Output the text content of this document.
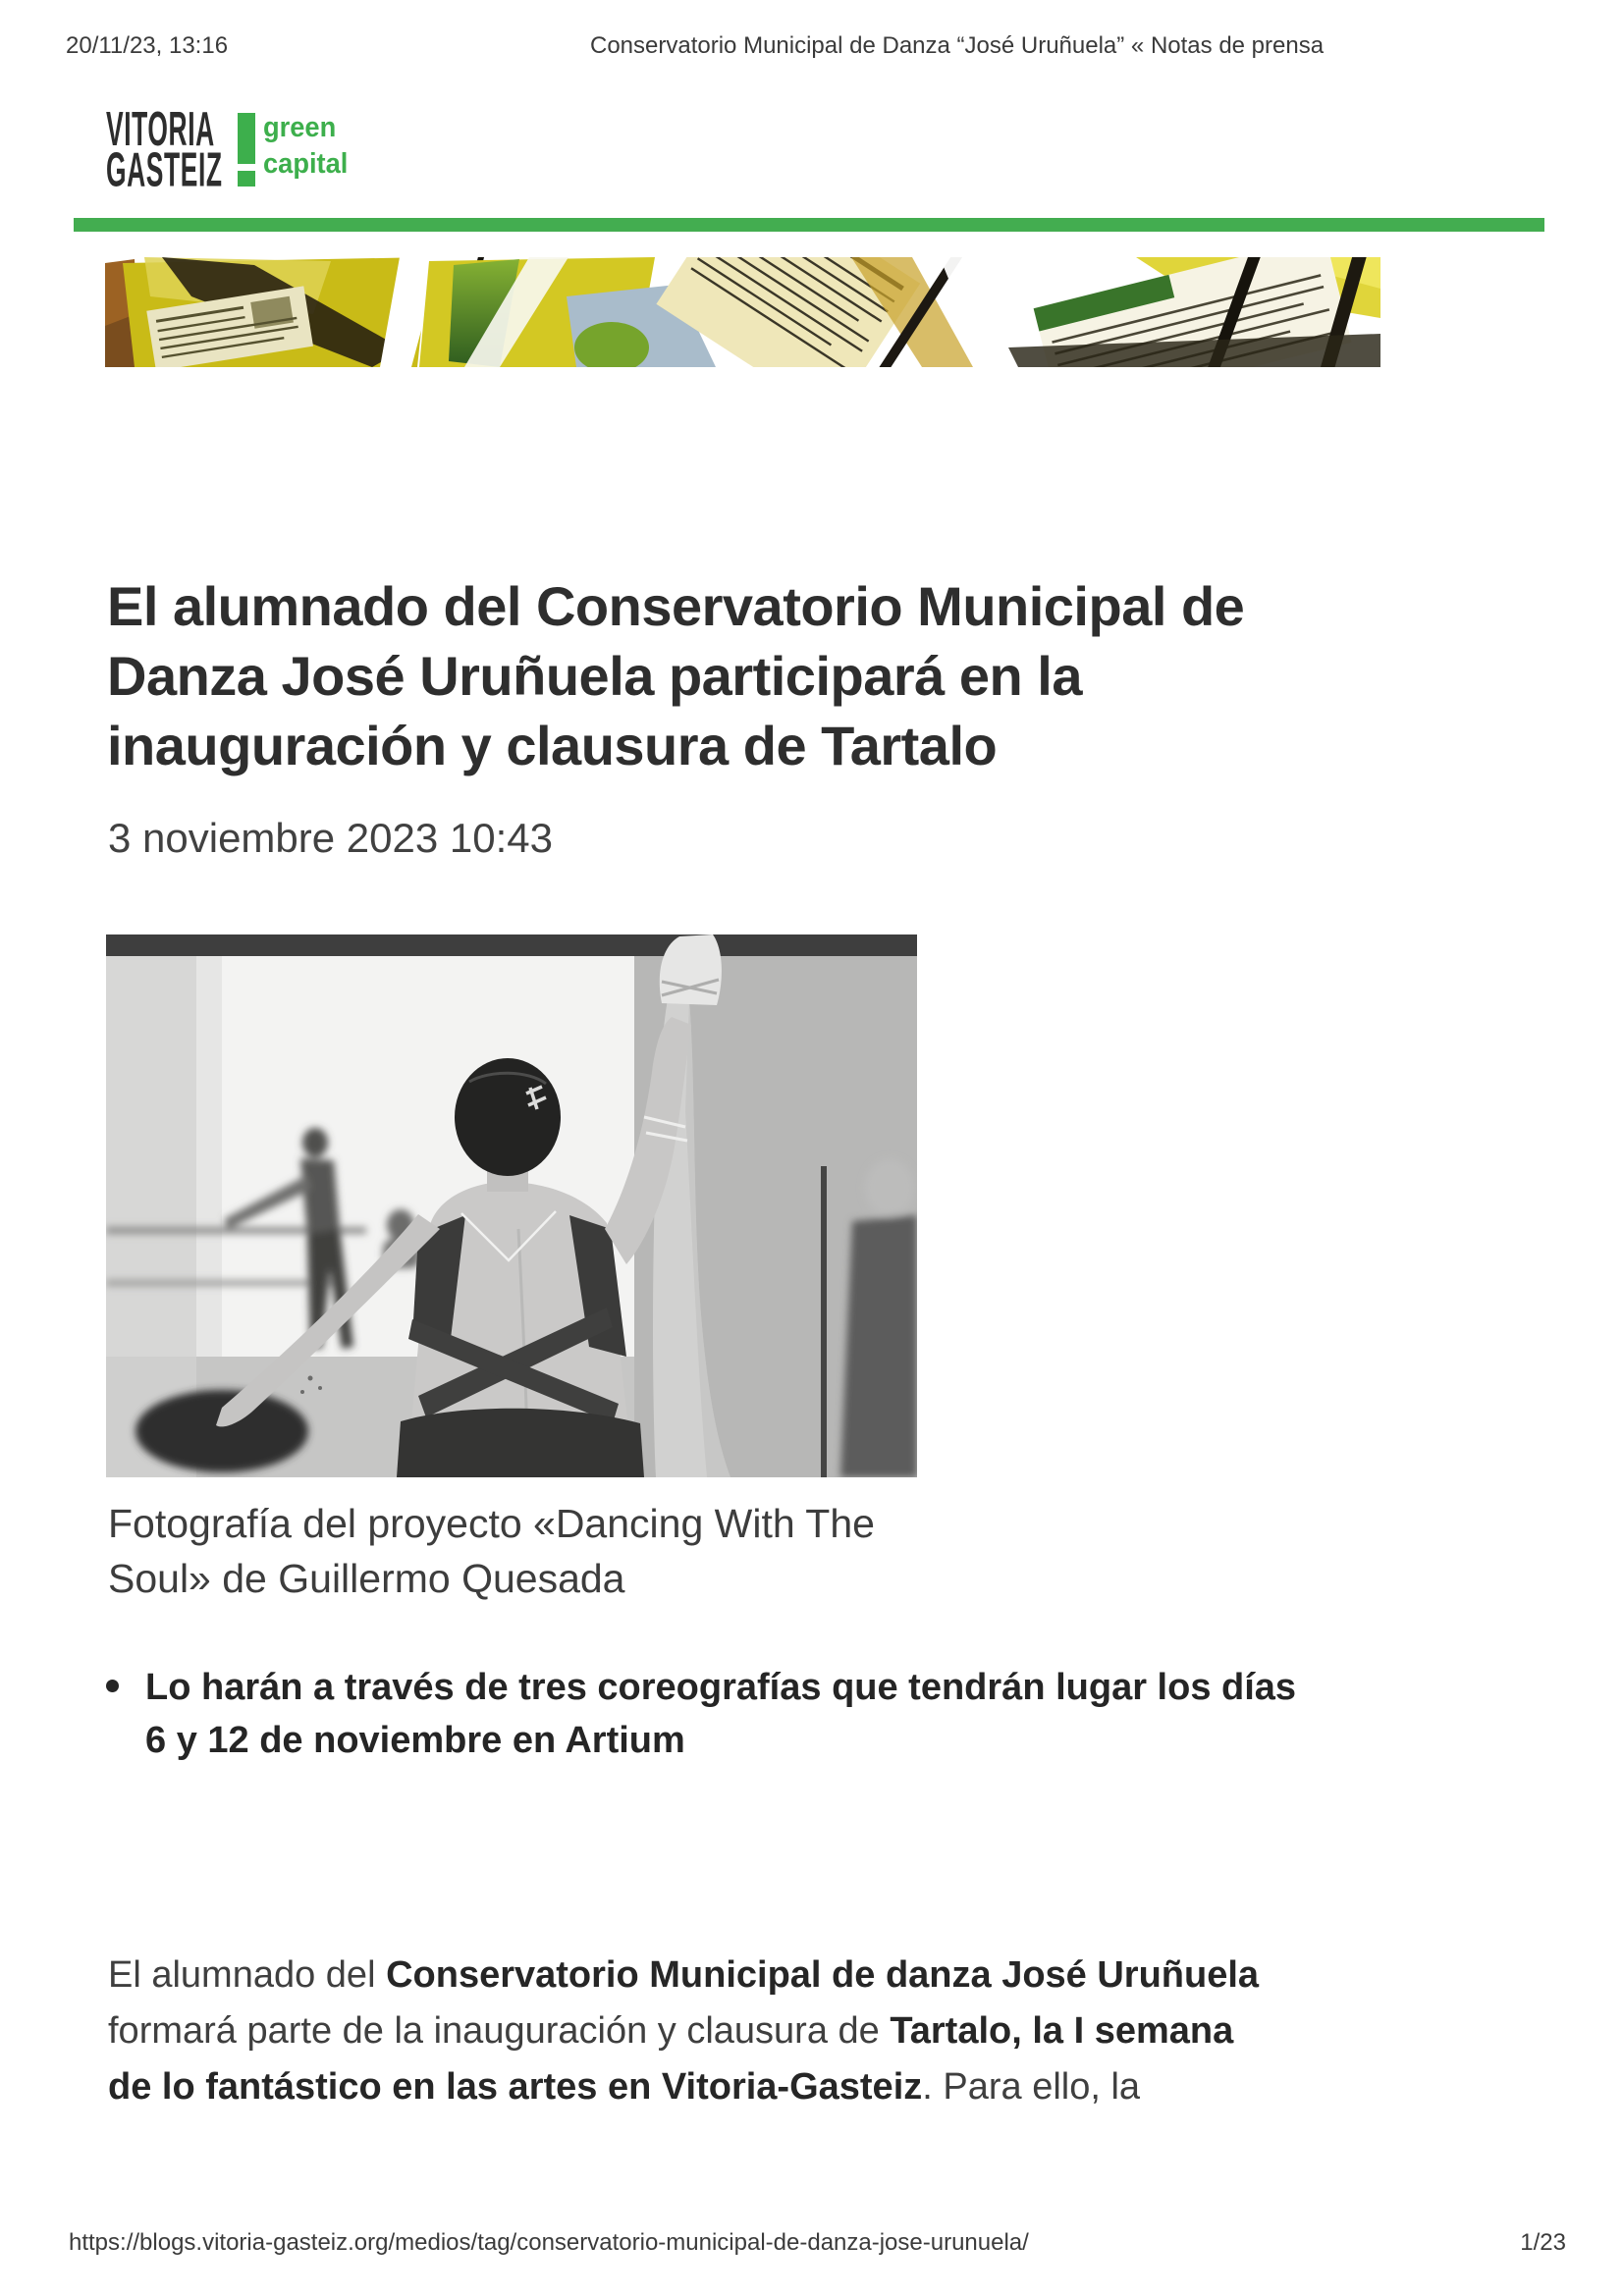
20/11/23, 13:16	Conservatorio Municipal de Danza “José Uruñuela” « Notas de prensa
VITORIA
GASTEIZ
green
capital
El alumnado del Conservatorio Municipal de
Danza José Uruñuela participará en la
inauguración y clausura de Tartalo
3 noviembre 2023 10:43
Fotografía del proyecto «Dancing With The
Soul» de Guillermo Quesada
Lo harán a través de tres coreografías que tendrán lugar los días
6 y 12 de noviembre en Artium
El alumnado del Conservatorio Municipal de danza José Uruñuela
formará parte de la inauguración y clausura de Tartalo, la I semana
de lo fantástico en las artes en Vitoria-Gasteiz. Para ello, la
https://blogs.vitoria-gasteiz.org/medios/tag/conservatorio-municipal-de-danza-jose-urunuela/	1/23
